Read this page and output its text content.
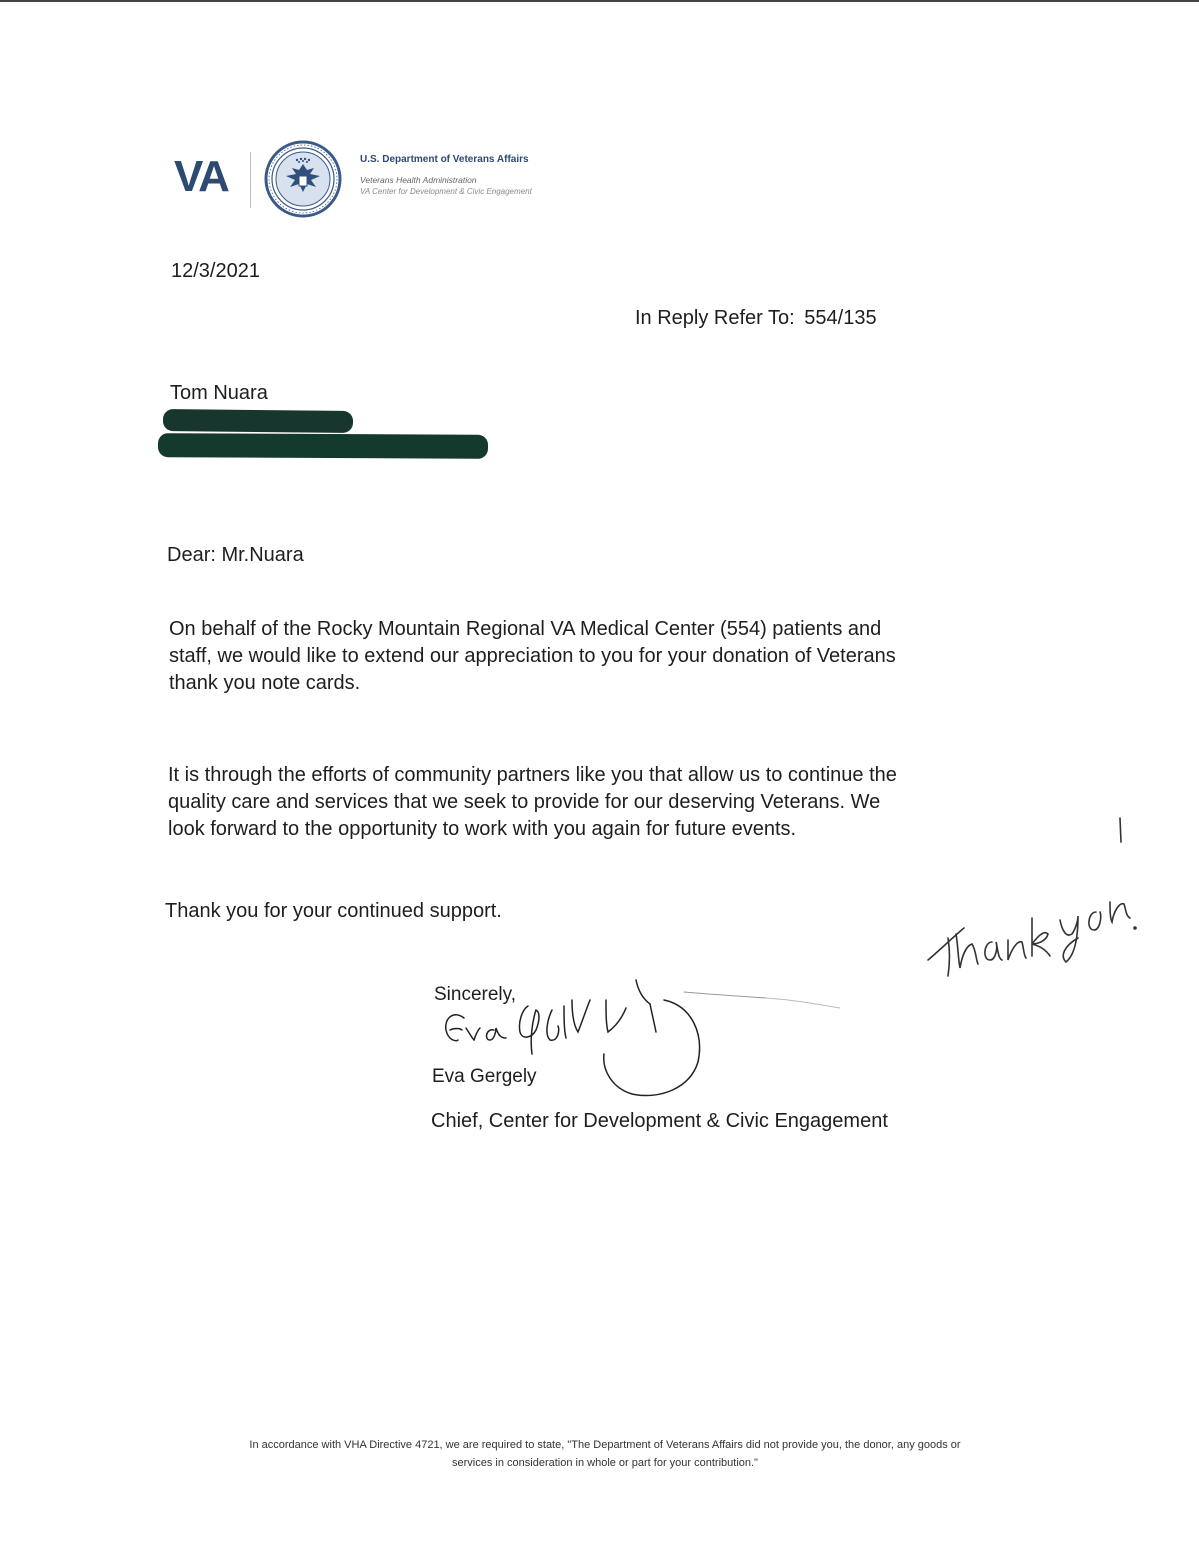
VA	U.S. Department of Veterans Affairs
Veterans Health Administration
VA Center for Development & Civic Engagement
12/3/2021
In Reply Refer To: 554/135
Tom Nuara
Dear: Mr.Nuara
On behalf of the Rocky Mountain Regional VA Medical Center (554) patients and
staff, we would like to extend our appreciation to you for your donation of Veterans
thank you note cards.
It is through the efforts of community partners like you that allow us to continue the
quality care and services that we seek to provide for our deserving Veterans. We
look forward to the opportunity to work with you again for future events.
Thank you for your continued support.
Sincerely,
Eva Gergely
Chief, Center for Development & Civic Engagement
In accordance with VHA Directive 4721, we are required to state, "The Department of Veterans Affairs did not provide you, the donor, any goods or
services in consideration in whole or part for your contribution."
